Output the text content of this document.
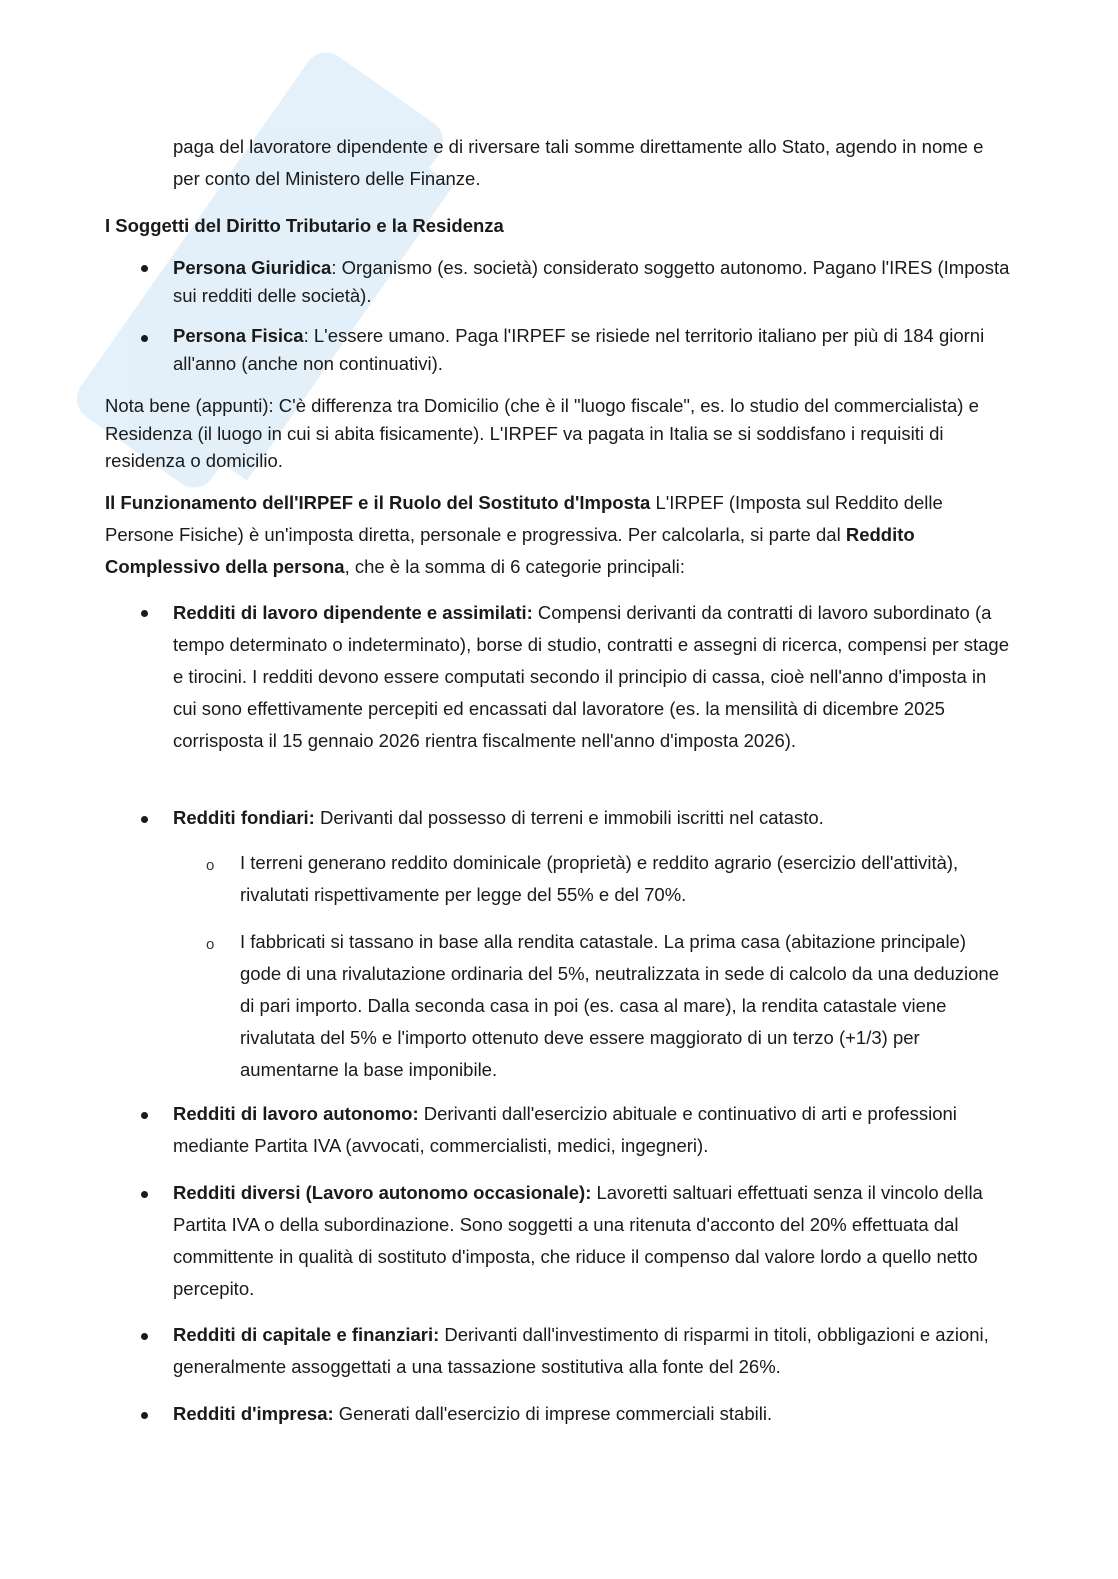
paga del lavoratore dipendente e di riversare tali somme direttamente allo Stato, agendo in nome e per conto del Ministero delle Finanze.

I Soggetti del Diritto Tributario e la Residenza

Persona Giuridica: Organismo (es. società) considerato soggetto autonomo. Pagano l'IRES (Imposta sui redditi delle società).

Persona Fisica: L'essere umano. Paga l'IRPEF se risiede nel territorio italiano per più di 184 giorni all'anno (anche non continuativi).

Nota bene (appunti): C'è differenza tra Domicilio (che è il "luogo fiscale", es. lo studio del commercialista) e Residenza (il luogo in cui si abita fisicamente). L'IRPEF va pagata in Italia se si soddisfano i requisiti di residenza o domicilio.

Il Funzionamento dell'IRPEF e il Ruolo del Sostituto d'Imposta L'IRPEF (Imposta sul Reddito delle Persone Fisiche) è un'imposta diretta, personale e progressiva. Per calcolarla, si parte dal Reddito Complessivo della persona, che è la somma di 6 categorie principali:

Redditi di lavoro dipendente e assimilati: Compensi derivanti da contratti di lavoro subordinato (a tempo determinato o indeterminato), borse di studio, contratti e assegni di ricerca, compensi per stage e tirocini. I redditi devono essere computati secondo il principio di cassa, cioè nell'anno d'imposta in cui sono effettivamente percepiti ed encassati dal lavoratore (es. la mensilità di dicembre 2025 corrisposta il 15 gennaio 2026 rientra fiscalmente nell'anno d'imposta 2026).

Redditi fondiari: Derivanti dal possesso di terreni e immobili iscritti nel catasto.

o I terreni generano reddito dominicale (proprietà) e reddito agrario (esercizio dell'attività), rivalutati rispettivamente per legge del 55% e del 70%.

o I fabbricati si tassano in base alla rendita catastale. La prima casa (abitazione principale) gode di una rivalutazione ordinaria del 5%, neutralizzata in sede di calcolo da una deduzione di pari importo. Dalla seconda casa in poi (es. casa al mare), la rendita catastale viene rivalutata del 5% e l'importo ottenuto deve essere maggiorato di un terzo (+1/3) per aumentarne la base imponibile.

Redditi di lavoro autonomo: Derivanti dall'esercizio abituale e continuativo di arti e professioni mediante Partita IVA (avvocati, commercialisti, medici, ingegneri).

Redditi diversi (Lavoro autonomo occasionale): Lavoretti saltuari effettuati senza il vincolo della Partita IVA o della subordinazione. Sono soggetti a una ritenuta d'acconto del 20% effettuata dal committente in qualità di sostituto d'imposta, che riduce il compenso dal valore lordo a quello netto percepito.

Redditi di capitale e finanziari: Derivanti dall'investimento di risparmi in titoli, obbligazioni e azioni, generalmente assoggettati a una tassazione sostitutiva alla fonte del 26%.

Redditi d'impresa: Generati dall'esercizio di imprese commerciali stabili.
